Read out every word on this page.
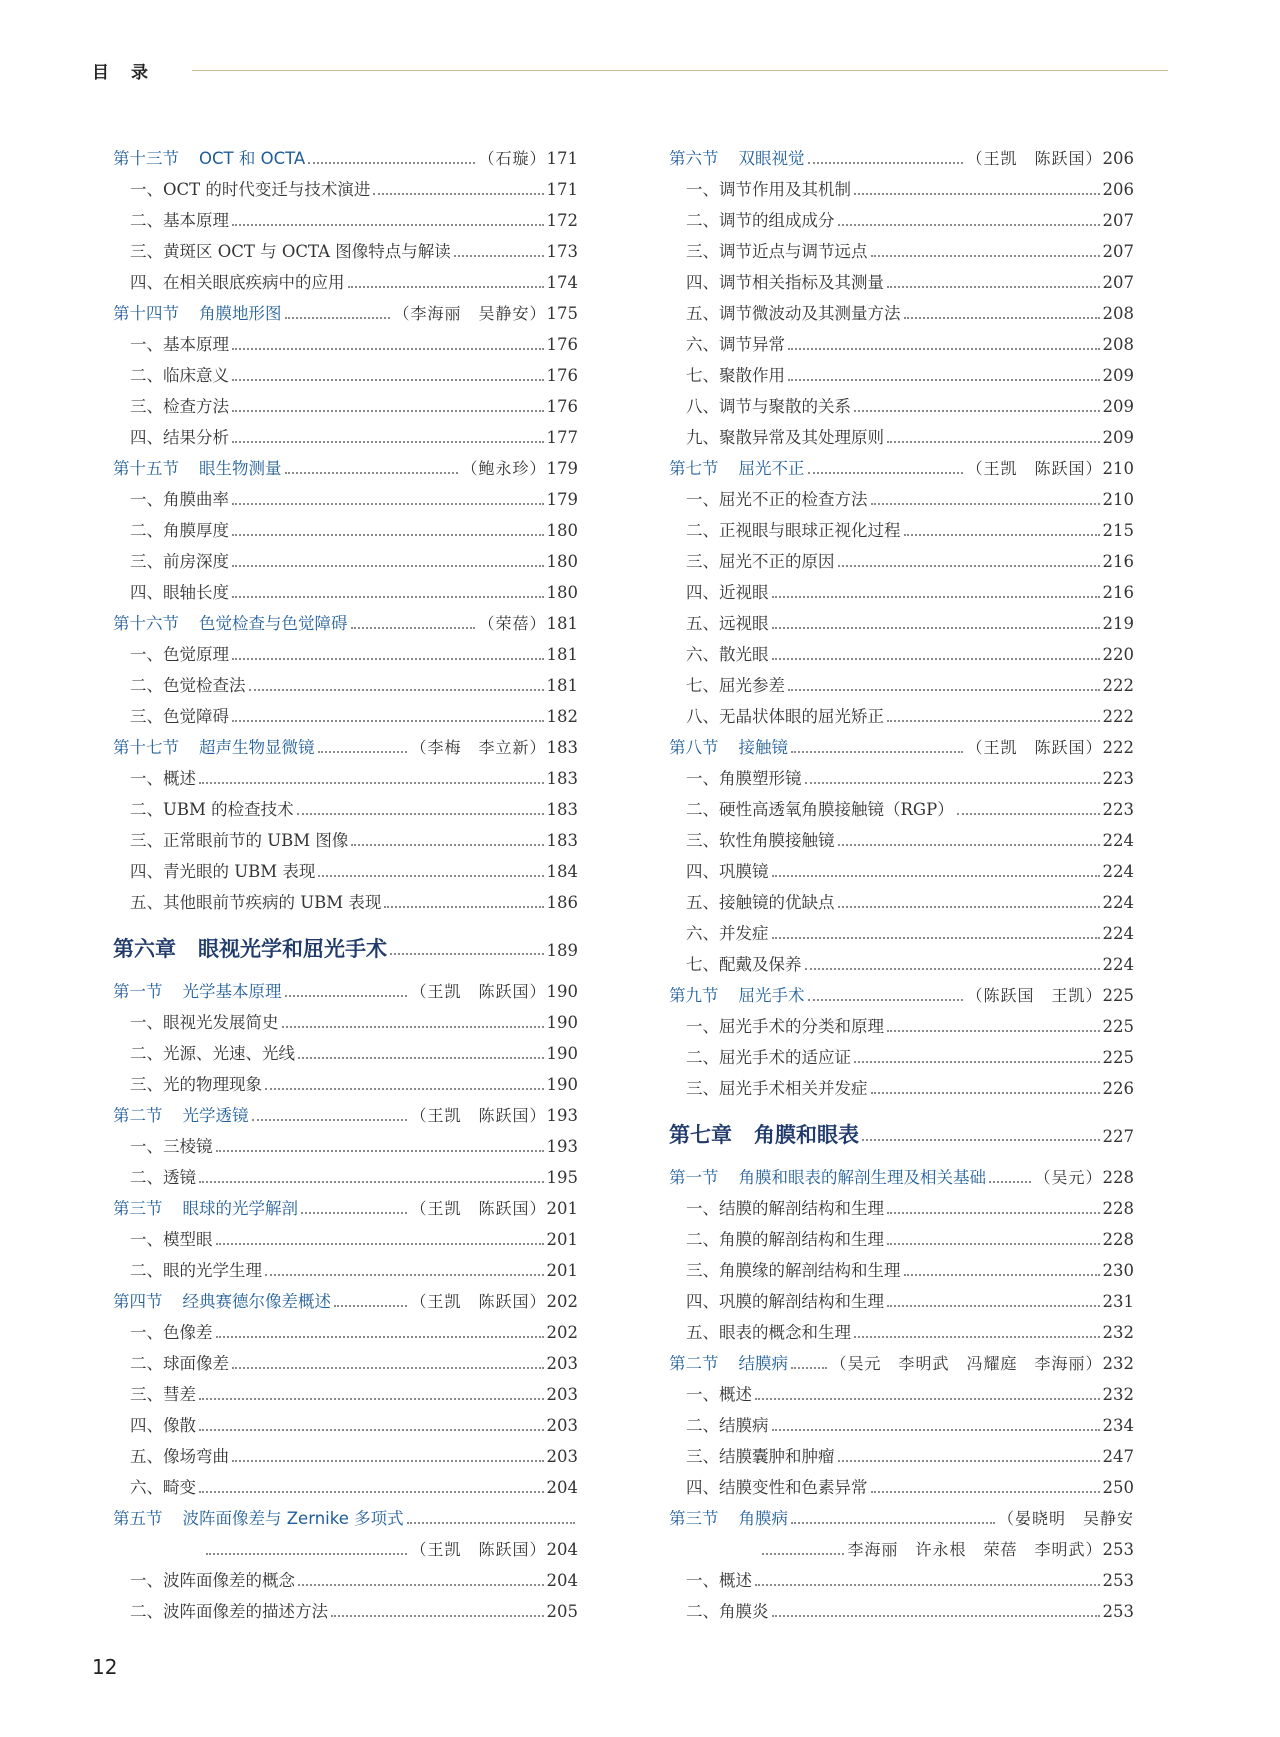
目录
第十三节 OCT 和 OCTA	（石璇） 171
一、OCT 的时代变迁与技术演进	171
二、基本原理	172
三、黄斑区 OCT 与 OCTA 图像特点与解读	173
四、在相关眼底疾病中的应用	174
第十四节 角膜地形图	（李海丽　吴静安） 175
一、基本原理	176
二、临床意义	176
三、检查方法	176
四、结果分析	177
第十五节 眼生物测量	（鲍永珍） 179
一、角膜曲率	179
二、角膜厚度	180
三、前房深度	180
四、眼轴长度	180
第十六节 色觉检查与色觉障碍	（荣蓓） 181
一、色觉原理	181
二、色觉检查法	181
三、色觉障碍	182
第十七节 超声生物显微镜	（李梅　李立新） 183
一、概述	183
二、UBM 的检查技术	183
三、正常眼前节的 UBM 图像	183
四、青光眼的 UBM 表现	184
五、其他眼前节疾病的 UBM 表现	186
第六章 眼视光学和屈光手术	189
第一节 光学基本原理	（王凯　陈跃国） 190
一、眼视光发展简史	190
二、光源、光速、光线	190
三、光的物理现象	190
第二节 光学透镜	（王凯　陈跃国） 193
一、三棱镜	193
二、透镜	195
第三节 眼球的光学解剖	（王凯　陈跃国） 201
一、模型眼	201
二、眼的光学生理	201
第四节 经典赛德尔像差概述	（王凯　陈跃国） 202
一、色像差	202
二、球面像差	203
三、彗差	203
四、像散	203
五、像场弯曲	203
六、畸变	204
第五节 波阵面像差与 Zernike 多项式
（王凯　陈跃国） 204
一、波阵面像差的概念	204
二、波阵面像差的描述方法	205
第六节 双眼视觉	（王凯　陈跃国） 206
一、调节作用及其机制	206
二、调节的组成成分	207
三、调节近点与调节远点	207
四、调节相关指标及其测量	207
五、调节微波动及其测量方法	208
六、调节异常	208
七、聚散作用	209
八、调节与聚散的关系	209
九、聚散异常及其处理原则	209
第七节 屈光不正	（王凯　陈跃国） 210
一、屈光不正的检查方法	210
二、正视眼与眼球正视化过程	215
三、屈光不正的原因	216
四、近视眼	216
五、远视眼	219
六、散光眼	220
七、屈光参差	222
八、无晶状体眼的屈光矫正	222
第八节 接触镜	（王凯　陈跃国） 222
一、角膜塑形镜	223
二、硬性高透氧角膜接触镜（RGP）	223
三、软性角膜接触镜	224
四、巩膜镜	224
五、接触镜的优缺点	224
六、并发症	224
七、配戴及保养	224
第九节 屈光手术	（陈跃国　王凯） 225
一、屈光手术的分类和原理	225
二、屈光手术的适应证	225
三、屈光手术相关并发症	226
第七章 角膜和眼表	227
第一节 角膜和眼表的解剖生理及相关基础	（吴元） 228
一、结膜的解剖结构和生理	228
二、角膜的解剖结构和生理	228
三、角膜缘的解剖结构和生理	230
四、巩膜的解剖结构和生理	231
五、眼表的概念和生理	232
第二节 结膜病	（吴元　李明武　冯耀庭　李海丽） 232
一、概述	232
二、结膜病	234
三、结膜囊肿和肿瘤	247
四、结膜变性和色素异常	250
第三节 角膜病	（晏晓明　吴静安
李海丽　许永根　荣蓓　李明武） 253
一、概述	253
二、角膜炎	253
12
